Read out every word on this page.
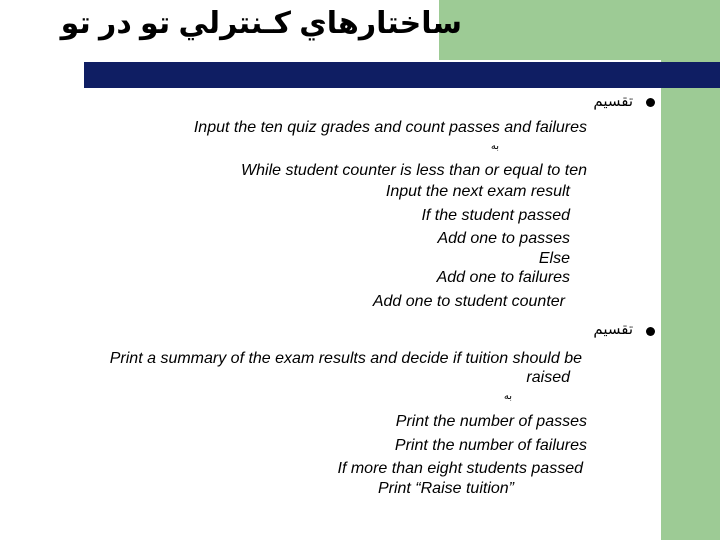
ساختارهاي کـنترلي تو در تو
تقسيم
Input the ten quiz grades and count passes and failures
به
While student counter is less than or equal to ten
Input the next exam result
If the student passed
Add one to passes
Else
Add one to failures
Add one to student counter
تقسيم
Print a summary of the exam results and decide if tuition should be
raised
به
Print the number of passes
Print the number of failures
If more than eight students passed
Print “Raise tuition”
